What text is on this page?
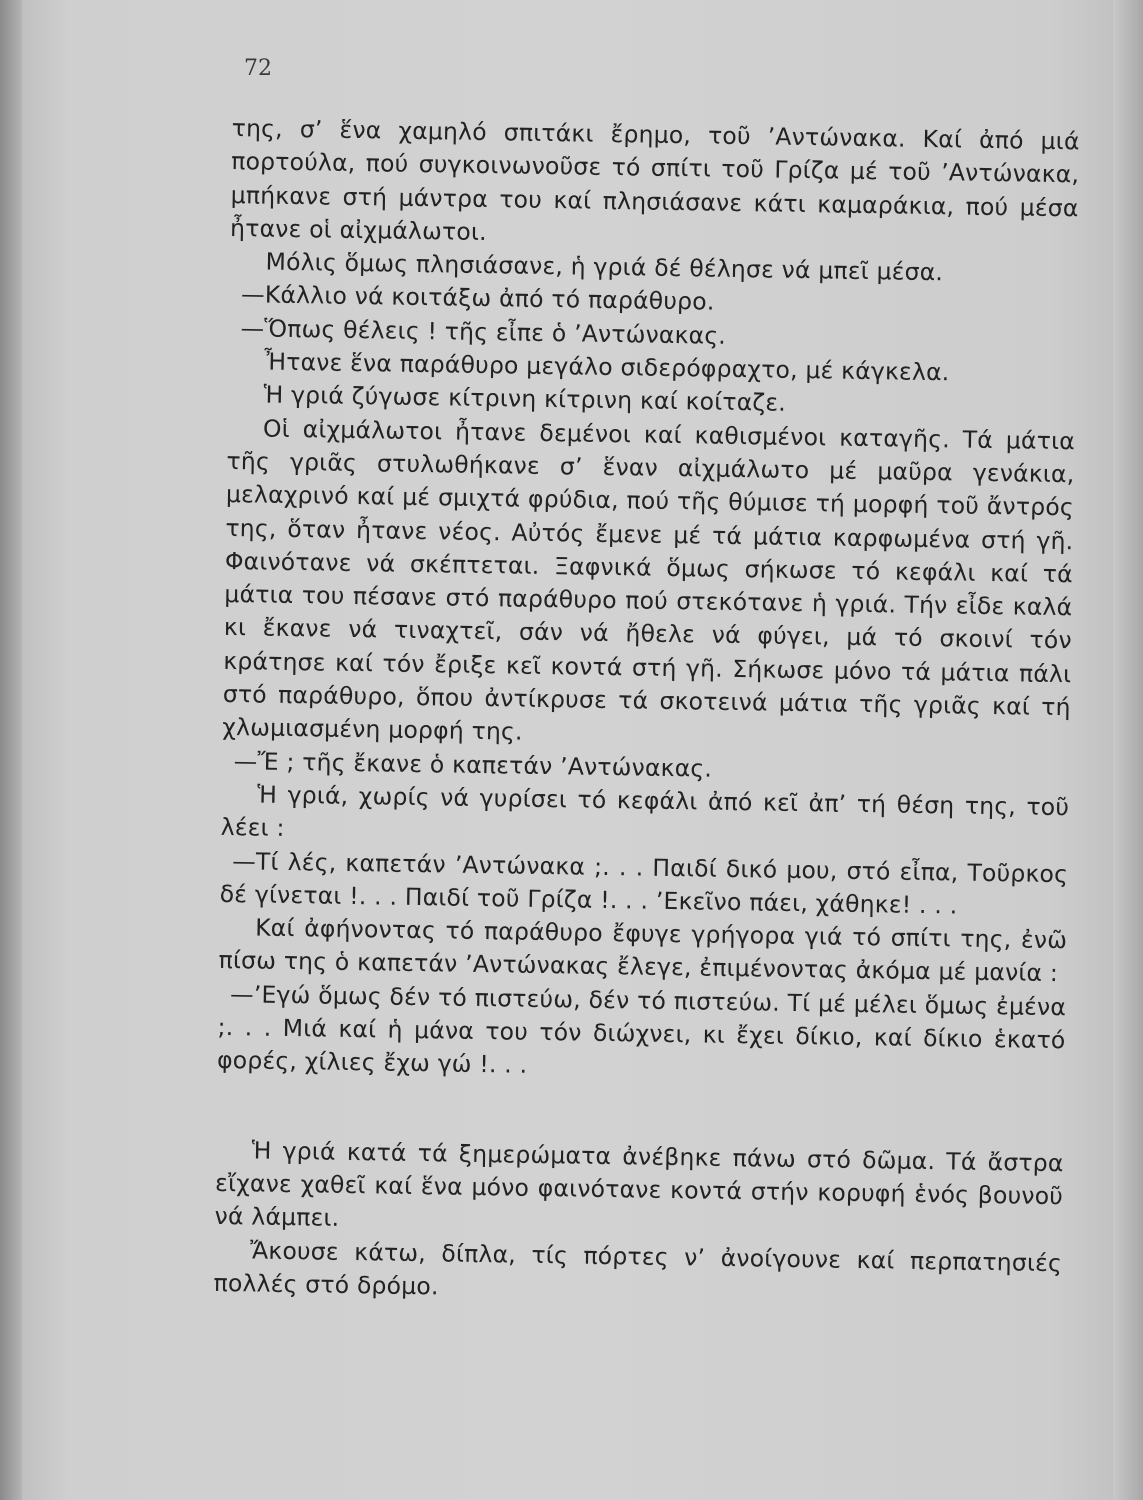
72

της, σ’ ἕνα χαμηλό σπιτάκι ἔρημο, τοῦ ’Αντώνακα. Καί ἀπό μιά πορτούλα, πού συγκοινωνοῦσε τό σπίτι τοῦ Γρίζα μέ τοῦ ’Αντώνακα, μπήκανε στή μάντρα του καί πλησιάσανε κάτι καμαράκια, πού μέσα ἦτανε οἱ αἰχμάλωτοι.

Μόλις ὅμως πλησιάσανε, ἡ γριά δέ θέλησε νά μπεῖ μέσα.

—Κάλλιο νά κοιτάξω ἀπό τό παράθυρο.

—Ὅπως θέλεις ! τῆς εἶπε ὁ ’Αντώνακας.

Ἦτανε ἕνα παράθυρο μεγάλο σιδερόφραχτο, μέ κάγκελα.

Ἡ γριά ζύγωσε κίτρινη κίτρινη καί κοίταζε.

Οἱ αἰχμάλωτοι ἦτανε δεμένοι καί καθισμένοι καταγῆς. Τά μάτια τῆς γριᾶς στυλωθήκανε σ’ ἕναν αἰχμάλωτο μέ μαῦρα γενάκια, μελαχρινό καί μέ σμιχτά φρύδια, πού τῆς θύμισε τή μορφή τοῦ ἄντρός της, ὅταν ἦτανε νέος. Αὐτός ἔμενε μέ τά μάτια καρφωμένα στή γῆ. Φαινότανε νά σκέπτεται. Ξαφνικά ὅμως σήκωσε τό κεφάλι καί τά μάτια του πέσανε στό παράθυρο πού στεκότανε ἡ γριά. Τήν εἶδε καλά κι ἔκανε νά τιναχτεῖ, σάν νά ἤθελε νά φύγει, μά τό σκοινί τόν κράτησε καί τόν ἔριξε κεῖ κοντά στή γῆ. Σήκωσε μόνο τά μάτια πάλι στό παράθυρο, ὅπου ἀντίκρυσε τά σκοτεινά μάτια τῆς γριᾶς καί τή χλωμιασμένη μορφή της.

—Ἔ ; τῆς ἔκανε ὁ καπετάν ’Αντώνακας.

Ἡ γριά, χωρίς νά γυρίσει τό κεφάλι ἀπό κεῖ ἀπ’ τή θέση της, τοῦ λέει :

—Τί λές, καπετάν ’Αντώνακα ;. . . Παιδί δικό μου, στό εἶπα, Τοῦρκος δέ γίνεται !. . . Παιδί τοῦ Γρίζα !. . . ’Εκεῖνο πάει, χάθηκε! . . .

Καί ἀφήνοντας τό παράθυρο ἔφυγε γρήγορα γιά τό σπίτι της, ἐνῶ πίσω της ὁ καπετάν ’Αντώνακας ἔλεγε, ἐπιμένοντας ἀκόμα μέ μανία :

—’Εγώ ὅμως δέν τό πιστεύω, δέν τό πιστεύω. Τί μέ μέλει ὅμως ἐμένα ;. . . Μιά καί ἡ μάνα του τόν διώχνει, κι ἔχει δίκιο, καί δίκιο ἑκατό φορές, χίλιες ἔχω γώ !. . .

Ἡ γριά κατά τά ξημερώματα ἀνέβηκε πάνω στό δῶμα. Τά ἄστρα εἴχανε χαθεῖ καί ἕνα μόνο φαινότανε κοντά στήν κορυφή ἑνός βουνοῦ νά λάμπει.

Ἄκουσε κάτω, δίπλα, τίς πόρτες ν’ ἀνοίγουνε καί περπατησιές πολλές στό δρόμο.
